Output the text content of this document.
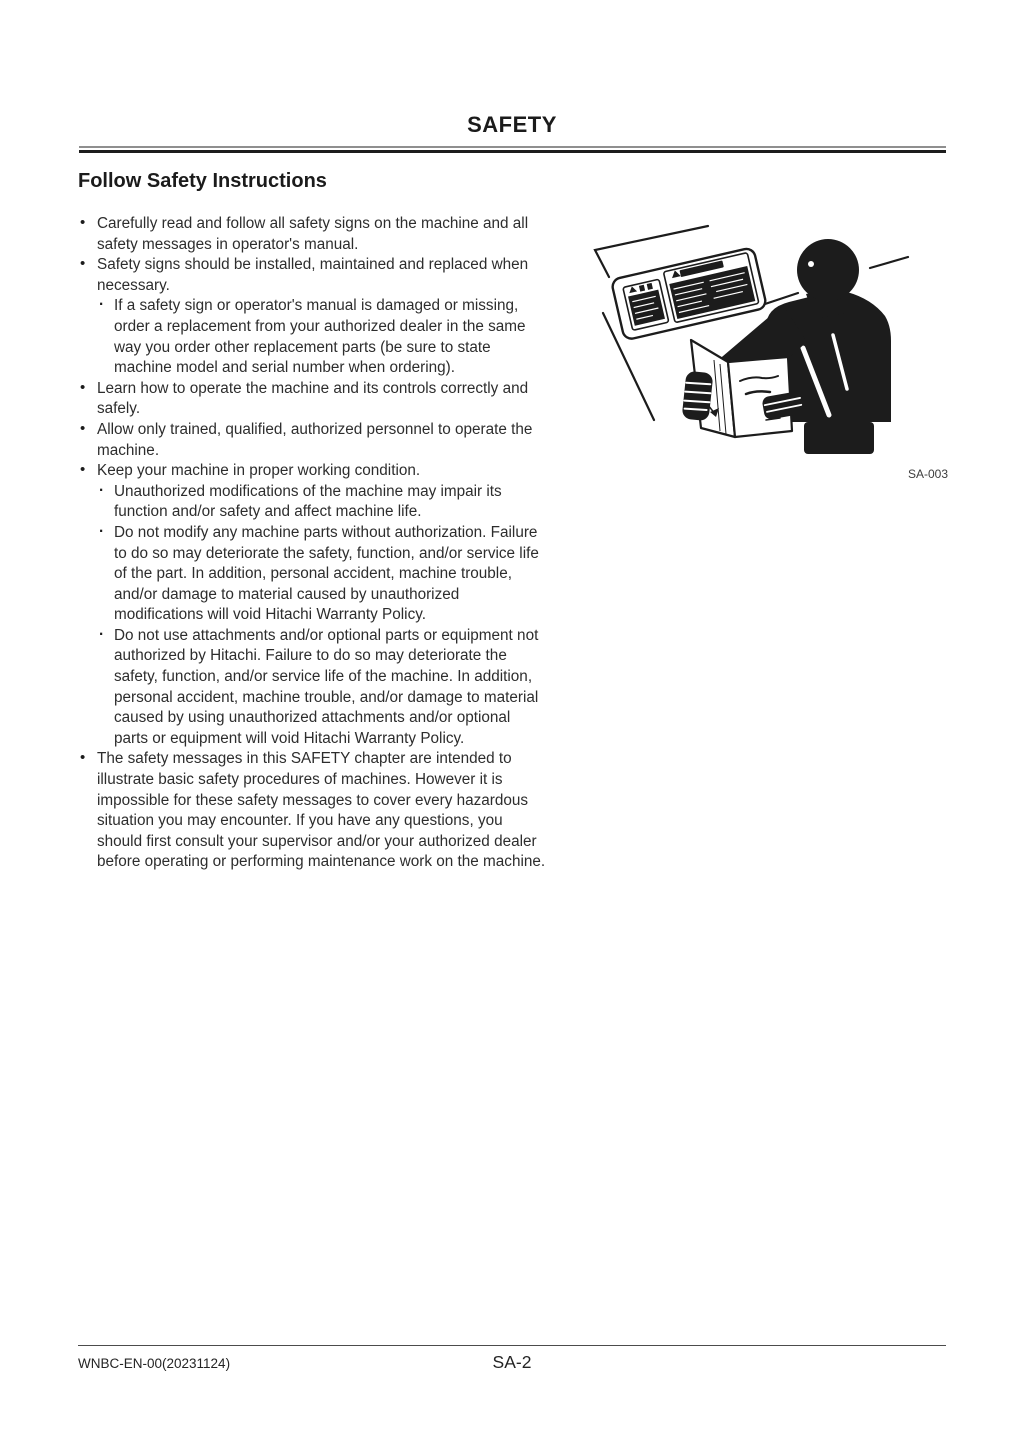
SAFETY
Follow Safety Instructions
• Carefully read and follow all safety signs on the machine and all safety messages in operator's manual.
• Safety signs should be installed, maintained and replaced when necessary.
· If a safety sign or operator's manual is damaged or missing, order a replacement from your authorized dealer in the same way you order other replacement parts (be sure to state machine model and serial number when ordering).
• Learn how to operate the machine and its controls correctly and safely.
• Allow only trained, qualified, authorized personnel to operate the machine.
• Keep your machine in proper working condition.
· Unauthorized modifications of the machine may impair its function and/or safety and affect machine life.
· Do not modify any machine parts without authorization. Failure to do so may deteriorate the safety, function, and/or service life of the part. In addition, personal accident, machine trouble, and/or damage to material caused by unauthorized modifications will void Hitachi Warranty Policy.
· Do not use attachments and/or optional parts or equipment not authorized by Hitachi. Failure to do so may deteriorate the safety, function, and/or service life of the machine. In addition, personal accident, machine trouble, and/or damage to material caused by using unauthorized attachments and/or optional parts or equipment will void Hitachi Warranty Policy.
• The safety messages in this SAFETY chapter are intended to illustrate basic safety procedures of machines. However it is impossible for these safety messages to cover every hazardous situation you may encounter. If you have any questions, you should first consult your supervisor and/or your authorized dealer before operating or performing maintenance work on the machine.
SA-003
WNBC-EN-00(20231124)	SA-2
